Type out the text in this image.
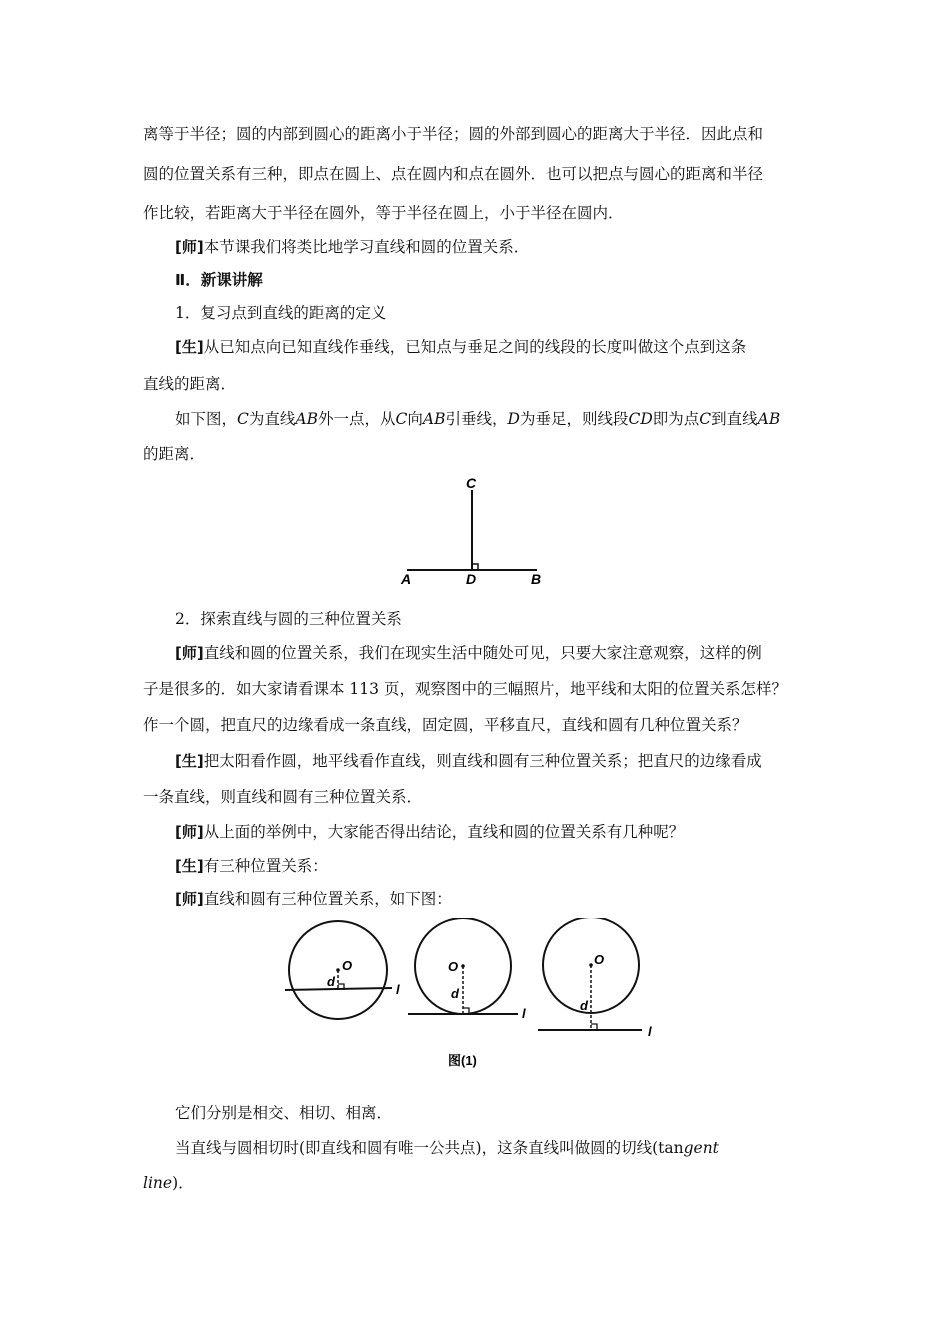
离等于半径；圆的内部到圆心的距离小于半径；圆的外部到圆心的距离大于半径．因此点和

圆的位置关系有三种，即点在圆上、点在圆内和点在圆外．也可以把点与圆心的距离和半径

作比较，若距离大于半径在圆外，等于半径在圆上，小于半径在圆内．

[师]本节课我们将类比地学习直线和圆的位置关系．

Ⅱ．新课讲解

1．复习点到直线的距离的定义

[生]从已知点向已知直线作垂线，已知点与垂足之间的线段的长度叫做这个点到这条

直线的距离．

如下图，C为直线AB外一点，从C向AB引垂线，D为垂足，则线段CD即为点C到直线AB

的距离．

C
A	D	B

2．探索直线与圆的三种位置关系

[师]直线和圆的位置关系，我们在现实生活中随处可见，只要大家注意观察，这样的例

子是很多的．如大家请看课本 113 页，观察图中的三幅照片，地平线和太阳的位置关系怎样？

作一个圆，把直尺的边缘看成一条直线，固定圆，平移直尺，直线和圆有几种位置关系？

[生]把太阳看作圆，地平线看作直线，则直线和圆有三种位置关系；把直尺的边缘看成

一条直线，则直线和圆有三种位置关系．

[师]从上面的举例中，大家能否得出结论，直线和圆的位置关系有几种呢？

[生]有三种位置关系：

[师]直线和圆有三种位置关系，如下图：

O
d
l
O
d
l
O
d
l
图(1)

它们分别是相交、相切、相离．

当直线与圆相切时(即直线和圆有唯一公共点)，这条直线叫做圆的切线(tangent

line)．
